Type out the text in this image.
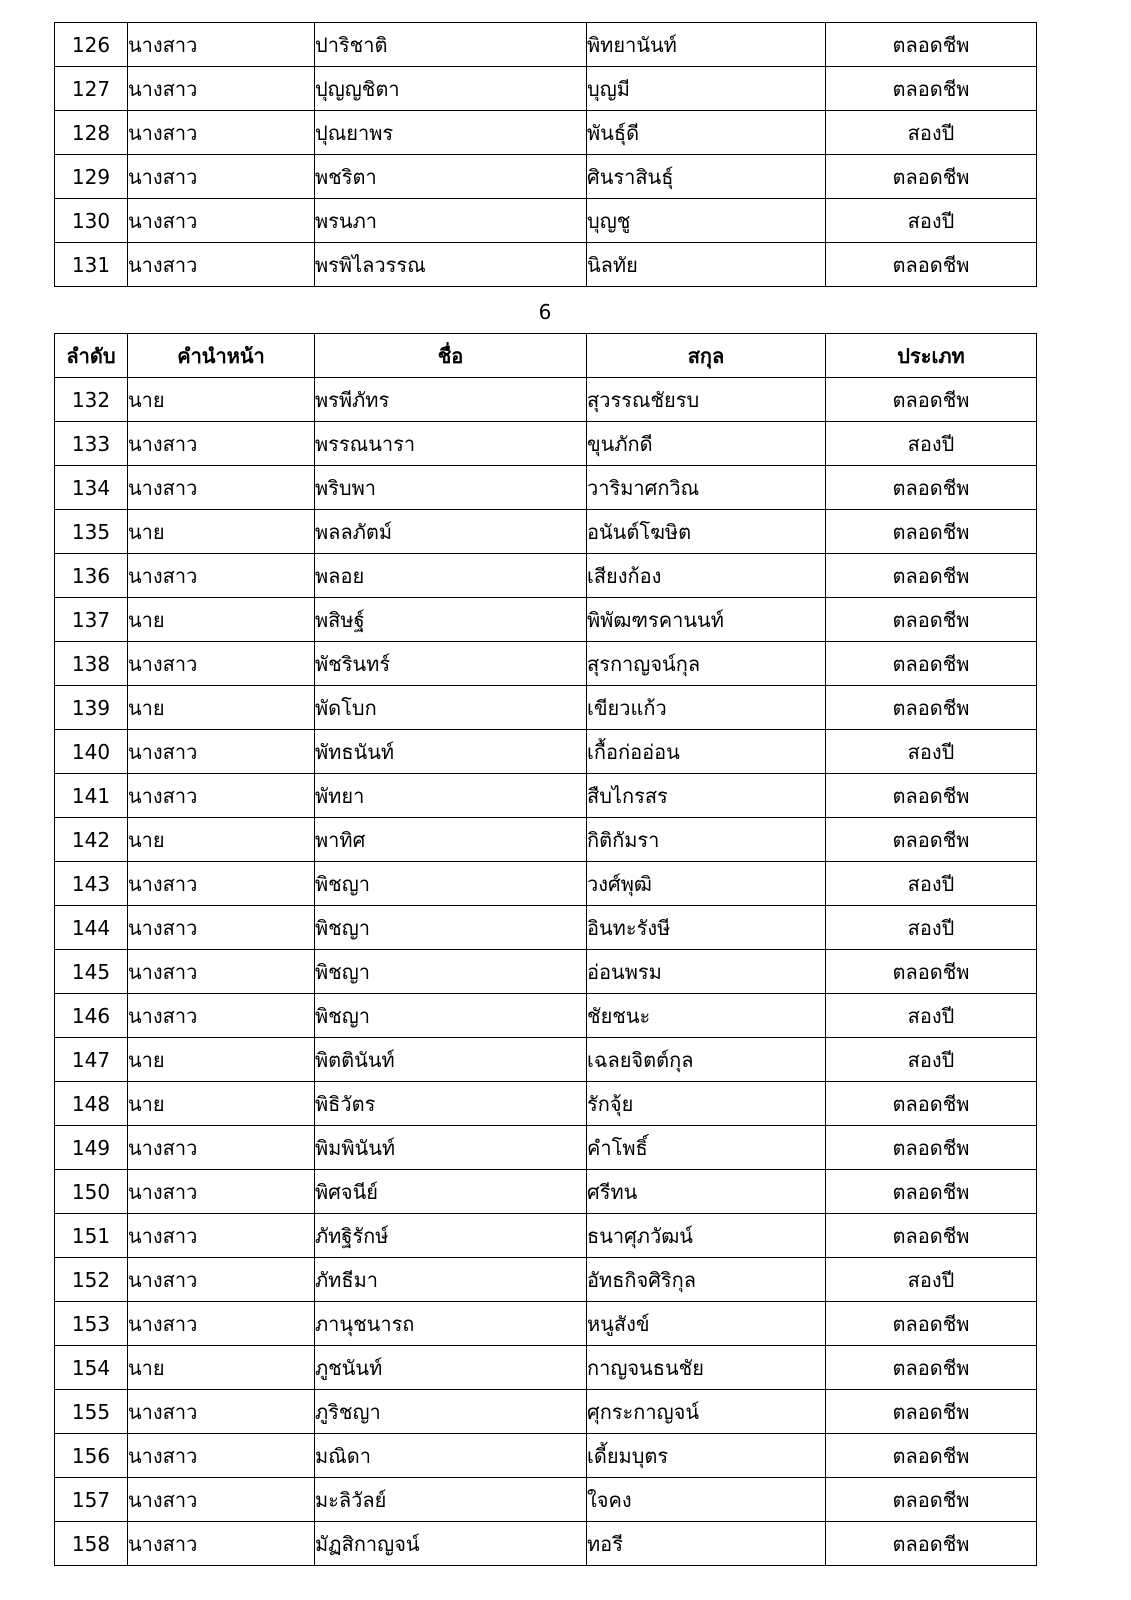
126	นางสาว	ปาริชาติ	พิทยานันท์	ตลอดชีพ
127	นางสาว	ปุญญชิตา	บุญมี	ตลอดชีพ
128	นางสาว	ปุณยาพร	พันธุ์ดี	สองปี
129	นางสาว	พชริตา	ศินราสินธุ์	ตลอดชีพ
130	นางสาว	พรนภา	บุญชู	สองปี
131	นางสาว	พรพิไลวรรณ	นิลทัย	ตลอดชีพ
6
ลำดับ	คำนำหน้า	ชื่อ	สกุล	ประเภท
132	นาย	พรพีภัทร	สุวรรณชัยรบ	ตลอดชีพ
133	นางสาว	พรรณนารา	ขุนภักดี	สองปี
134	นางสาว	พริบพา	วาริมาศกวิณ	ตลอดชีพ
135	นาย	พลลภัตม์	อนันต์โฆษิต	ตลอดชีพ
136	นางสาว	พลอย	เสียงก้อง	ตลอดชีพ
137	นาย	พสิษฐ์	พิพัฒฑรคานนท์	ตลอดชีพ
138	นางสาว	พัชรินทร์	สุรกาญจน์กุล	ตลอดชีพ
139	นาย	พัดโบก	เขียวแก้ว	ตลอดชีพ
140	นางสาว	พัทธนันท์	เกื้อก่ออ่อน	สองปี
141	นางสาว	พัทยา	สืบไกรสร	ตลอดชีพ
142	นาย	พาทิศ	กิติกัมรา	ตลอดชีพ
143	นางสาว	พิชญา	วงศ์พุฒิ	สองปี
144	นางสาว	พิชญา	อินทะรังษี	สองปี
145	นางสาว	พิชญา	อ่อนพรม	ตลอดชีพ
146	นางสาว	พิชญา	ชัยชนะ	สองปี
147	นาย	พิตตินันท์	เฉลยจิตต์กุล	สองปี
148	นาย	พิธิวัตร	รักจุ้ย	ตลอดชีพ
149	นางสาว	พิมพินันท์	คำโพธิ์	ตลอดชีพ
150	นางสาว	พิศจนีย์	ศรีทน	ตลอดชีพ
151	นางสาว	ภัทฐิรักษ์	ธนาศุภวัฒน์	ตลอดชีพ
152	นางสาว	ภัทธีมา	อัทธกิจศิริกุล	สองปี
153	นางสาว	ภานุชนารถ	หนูสังข์	ตลอดชีพ
154	นาย	ภูชนันท์	กาญจนธนชัย	ตลอดชีพ
155	นางสาว	ภูริชญา	ศุกระกาญจน์	ตลอดชีพ
156	นางสาว	มณิดา	เดี้ยมบุตร	ตลอดชีพ
157	นางสาว	มะลิวัลย์	ใจคง	ตลอดชีพ
158	นางสาว	มัฏสิกาญจน์	ทอรี	ตลอดชีพ
